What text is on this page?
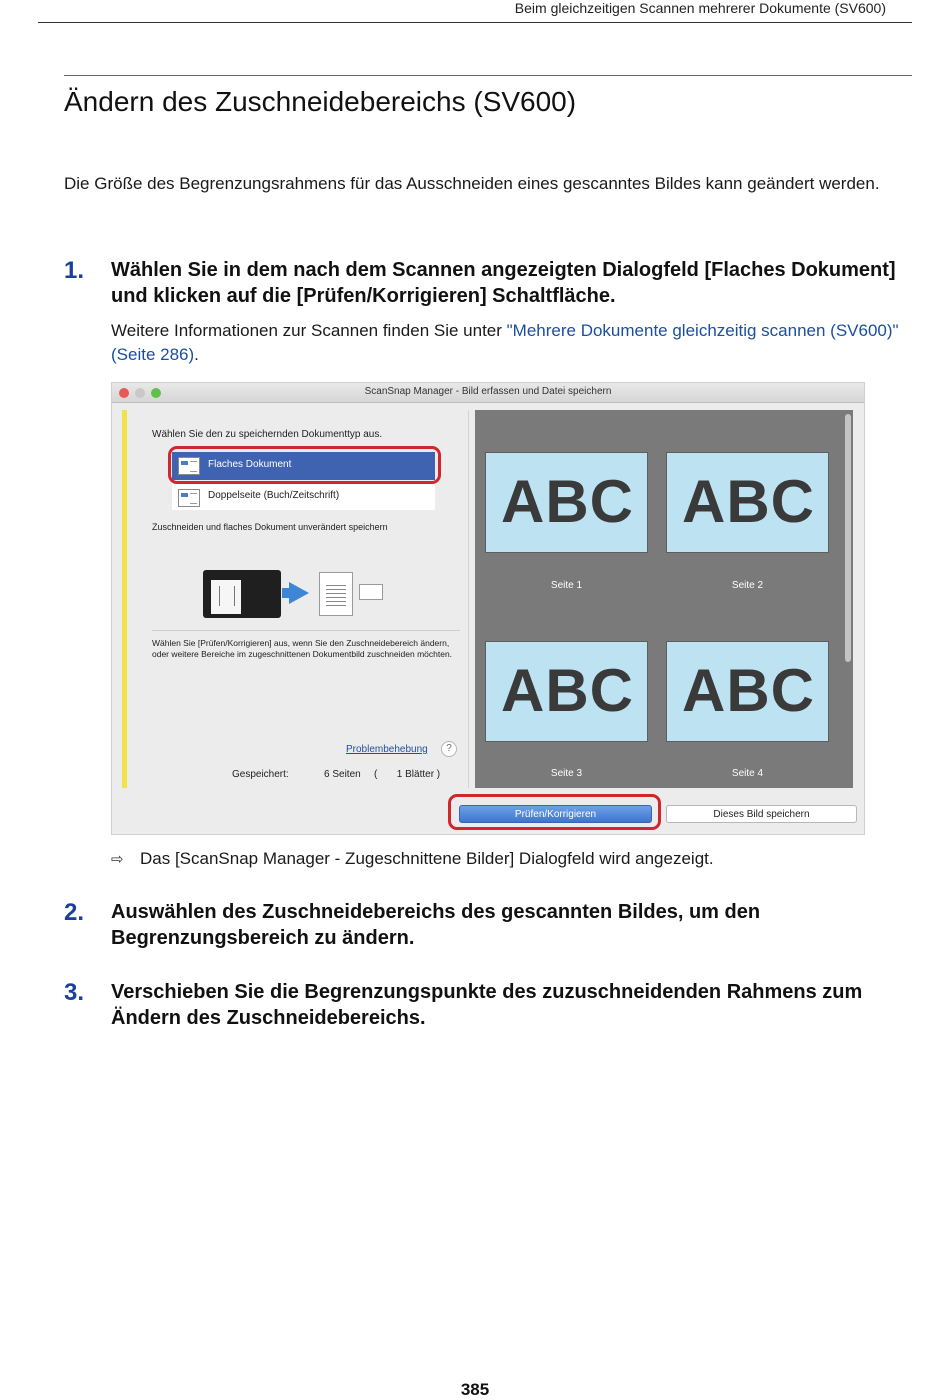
Beim gleichzeitigen Scannen mehrerer Dokumente (SV600)
Ändern des Zuschneidebereichs (SV600)

Die Größe des Begrenzungsrahmens für das Ausschneiden eines gescanntes Bildes kann geändert werden.

1. Wählen Sie in dem nach dem Scannen angezeigten Dialogfeld [Flaches Dokument] und klicken auf die [Prüfen/Korrigieren] Schaltfläche.
Weitere Informationen zur Scannen finden Sie unter "Mehrere Dokumente gleichzeitig scannen (SV600)" (Seite 286).
ScanSnap Manager - Bild erfassen und Datei speichern
Wählen Sie den zu speichernden Dokumenttyp aus.
Flaches Dokument
Doppelseite (Buch/Zeitschrift)
Zuschneiden und flaches Dokument unverändert speichern
Wählen Sie [Prüfen/Korrigieren] aus, wenn Sie den Zuschneidebereich ändern, oder weitere Bereiche im zugeschnittenen Dokumentbild zuschneiden möchten.
Problembehebung	?
Gespeichert:	6 Seiten (       1 Blätter )
ABC
Seite 1
ABC
Seite 2
ABC
Seite 3
ABC
Seite 4
Prüfen/Korrigieren	Dieses Bild speichern
⇨ Das [ScanSnap Manager - Zugeschnittene Bilder] Dialogfeld wird angezeigt.
2. Auswählen des Zuschneidebereichs des gescannten Bildes, um den Begrenzungsbereich zu ändern.
3. Verschieben Sie die Begrenzungspunkte des zuzuschneidenden Rahmens zum Ändern des Zuschneidebereichs.
385
